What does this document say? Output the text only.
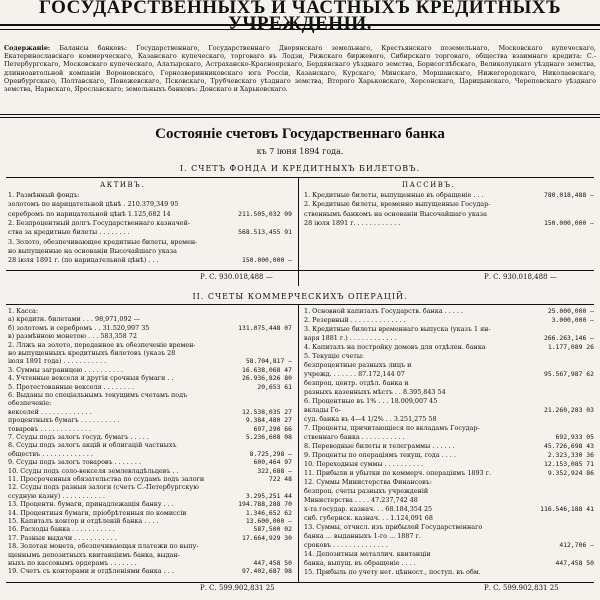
ГОСУДАРСТВЕННЫХЪ И ЧАСТНЫХЪ КРЕДИТНЫХЪ УЧРЕЖДЕНІИ.
Содержаніе: Балансы банковъ: Государственнаго, Государственнаго Дворянскаго земельнаго, Крестьянскаго поземельнаго, Московскаго купеческаго, Екатеринославскаго коммерческаго, Казанскаго купеческаго, торговаго въ Лодзи, Рижскаго биржевого, Сибирскаго торговаго, общества взаимнаго кредита: С.-Петербургскаго, Московскаго купеческаго, Алатырскаго, Астраханско-Красноярскаго, Бердянскаго уѣзднаго земства, Борисоглѣбскаго, Великолуцкаго уѣзднаго земства, длинноавтольной компаніи Вороновскаго, Горнозверинниковскаго юга Россіи, Казанскаго, Курскаго, Минскаго, Моршанскаго, Нижегородскаго, Николаевскаго, Оренбургскаго, Полтавскаго, Понежевскаго, Псковскаго, Трубчевскаго уѣзднаго земства, Второго Харьковскаго, Херсонскаго, Царицынскаго, Череповскаго уѣзднаго земства, Нарвскаго, Ярославскаго; земельныхъ банковъ: Донскаго и Харьковскаго.
Состояніе счетовъ Государственнаго банка
къ 7 іюня 1894 года.
I. СЧЕТЪ ФОНДА И КРЕДИТНЫХЪ БИЛЕТОВЪ.
АКТИВЪ.	ПАССИВЪ.
1. Размѣнный фондъ:
золотомъ по нарицательной цѣнѣ . 210.379,349 95
серебромъ по нарицательной цѣнѣ 1.125,682 14	211.505,032 09
2. Безпроцентный долгъ Государственнаго казначей-
ства за кредитные билеты . . . . . . . .	568.513,455 91
3. Золото, обезпечивающее кредитные билеты, времен-
но выпущенные на основаніи Высочайшаго указа
28 іюля 1891 г. (по нарицательной цѣнѣ) . . .	150.000,000 —
1. Кредитные билеты, выпущенные въ обращеніе . . .	780.018,488 —
2. Кредитные билеты, временно выпущенные Государ-
ственнымъ банкомъ на основаніи Высочайшаго указа
28 іюля 1891 г. . . . . . . . . . . .	150.000,000 —
Р. С. 930.018,488 —	Р. С. 930.018,488 —
II. СЧЕТЫ КОММЕРЧЕСКИХЪ ОПЕРАЦІЙ.
1. Касса:
а) кредитн. билетами . . . 98,971,092 —
б) золотомъ и серебромъ . . 31.520,997 35	131.075,448 07
в) размѣнною монетою . . . 583,358 72
2. Ллжъ на золото, переданное въ обезпеченіе времен-
но выпущенныхъ кредитныхъ билетовъ (указъ 28
іюля 1891 года) . . . . . . . . . . .	58.704,817 —
3. Суммы заграницею . . . . . . . . . .	16.638,068 47
4. Учтенные векселя и другія срочныя бумаги . .	26.936,826 80
5. Протестованные векселя . . . . . . . .	20,653 61
6. Выданы по спеціальнымъ текущимъ счетамъ подъ
обезпеченіе:
векселей . . . . . . . . . . . . .	12.538,035 27
процентныхъ бумагъ . . . . . . . . . .	9.384,480 27
товаровъ . . . . . . . . . . . . .	697,290 66
7. Ссуды подъ залогъ госуд. бумагъ . . . . .	5.236,608 08
8. Ссуды подъ залогъ акцій и облигацій частныхъ
обществъ . . . . . . . . . . . . .	8.725,298 —
9. Ссуды подъ залогъ товаровъ . . . . . . .	600,464 97
10. Ссуды подъ соло-векселя землевладѣльцевъ . .	322,688 —
11. Просроченныя обязательства по ссудамъ подъ залоги	722 48
12. Ссуды подъ разныя залоги (счетъ С.-Петербургскую
ссудную казну) . . . . . . . . . . .	3.295,251 44
13. Процентн. бумаги, принадлежащія банку . . .	194.788,288 70
14. Процентныя бумаги, пріобрѣтенныя по комиссіи	1.346,652 62
15. Капиталъ контор и отдѣленій банка . . . .	13.600,000 —
16. Расходы банка . . . . . . . . . . .	587,500 02
17. Разныя выдачи . . . . . . . . . . .	17.664,929 30
18. Золотая монета, обезпечивающая платежи по выпу-
щеннымъ депозитныхъ квитанціямъ банка, выдан-
ныхъ по кассовымъ ордерамъ . . . . . . .	447,458 50
19. Счетъ съ конторами и отдѣленіями банка . . .	97.402,687 98
1. Основной капиталъ Государств. банка . . . . .	25.000,000 —
2. Резервный . . . . . . . . . . . . . .	3.000,000 —
3. Кредитные билеты временнаго выпуска (указъ 1 ян-
варя 1881 г.) . . . . . . . . . . . .	266.263,146 —
4. Капиталъ на постройку домовъ для отдѣлен. банка	1.177,089 26
5. Текущіе счеты:
безпроцентные разныхъ лицъ и
учрежд. . . . . . . 87.172,144 07	95.567,987 62
безпроц. центр. отдѣл. банка и
разныхъ казенныхъ мѣстъ . . 8.395,843 54
6. Процентные въ 1% . . . 18.009,007 45
вклады Го-	21.260,283 03
суд. банка въ 4—4 1/2% . . 3.251,275 58
7. Проценты, причитающіеся по вкладамъ Государ-
ственнаго банка . . . . . . . . . . .	692,933 05
8. Переводные билеты и телеграммы . . . . . .	45.726,698 43
9. Проценты по операціямъ текущ. года . . . .	2.323,330 36
10. Переходныя суммы . . . . . . . . . .	12.153,085 71
11. Прибыли и убытки по коммерч. операціямъ 1893 г.	9.352,924 86
12. Суммы Министерства Финансовъ:
безпроц. счеты разныхъ учрежденій
Министерства . . . . 47.237,742 48
х-та государ. казнач. . . 68.184,354 25	116.546,188 41
сиб. губернск. казнач. . . 1.124,091 68
13. Суммы, отчисл. изъ прибылей Государственнаго
банка ... выданныхъ 1-го ... 1887 г.
сроковъ . . . . . . . . . . . . . .	412,706 —
14. Депозитныя металлич. квитанціи
банка, выпущ. въ обращеніе . . . .	447,458 50
15. Прибыль по учету нет. цѣнност., поступ. въ обм.
Р. С. 599.902,831 25	Р. С. 599.902,831 25
